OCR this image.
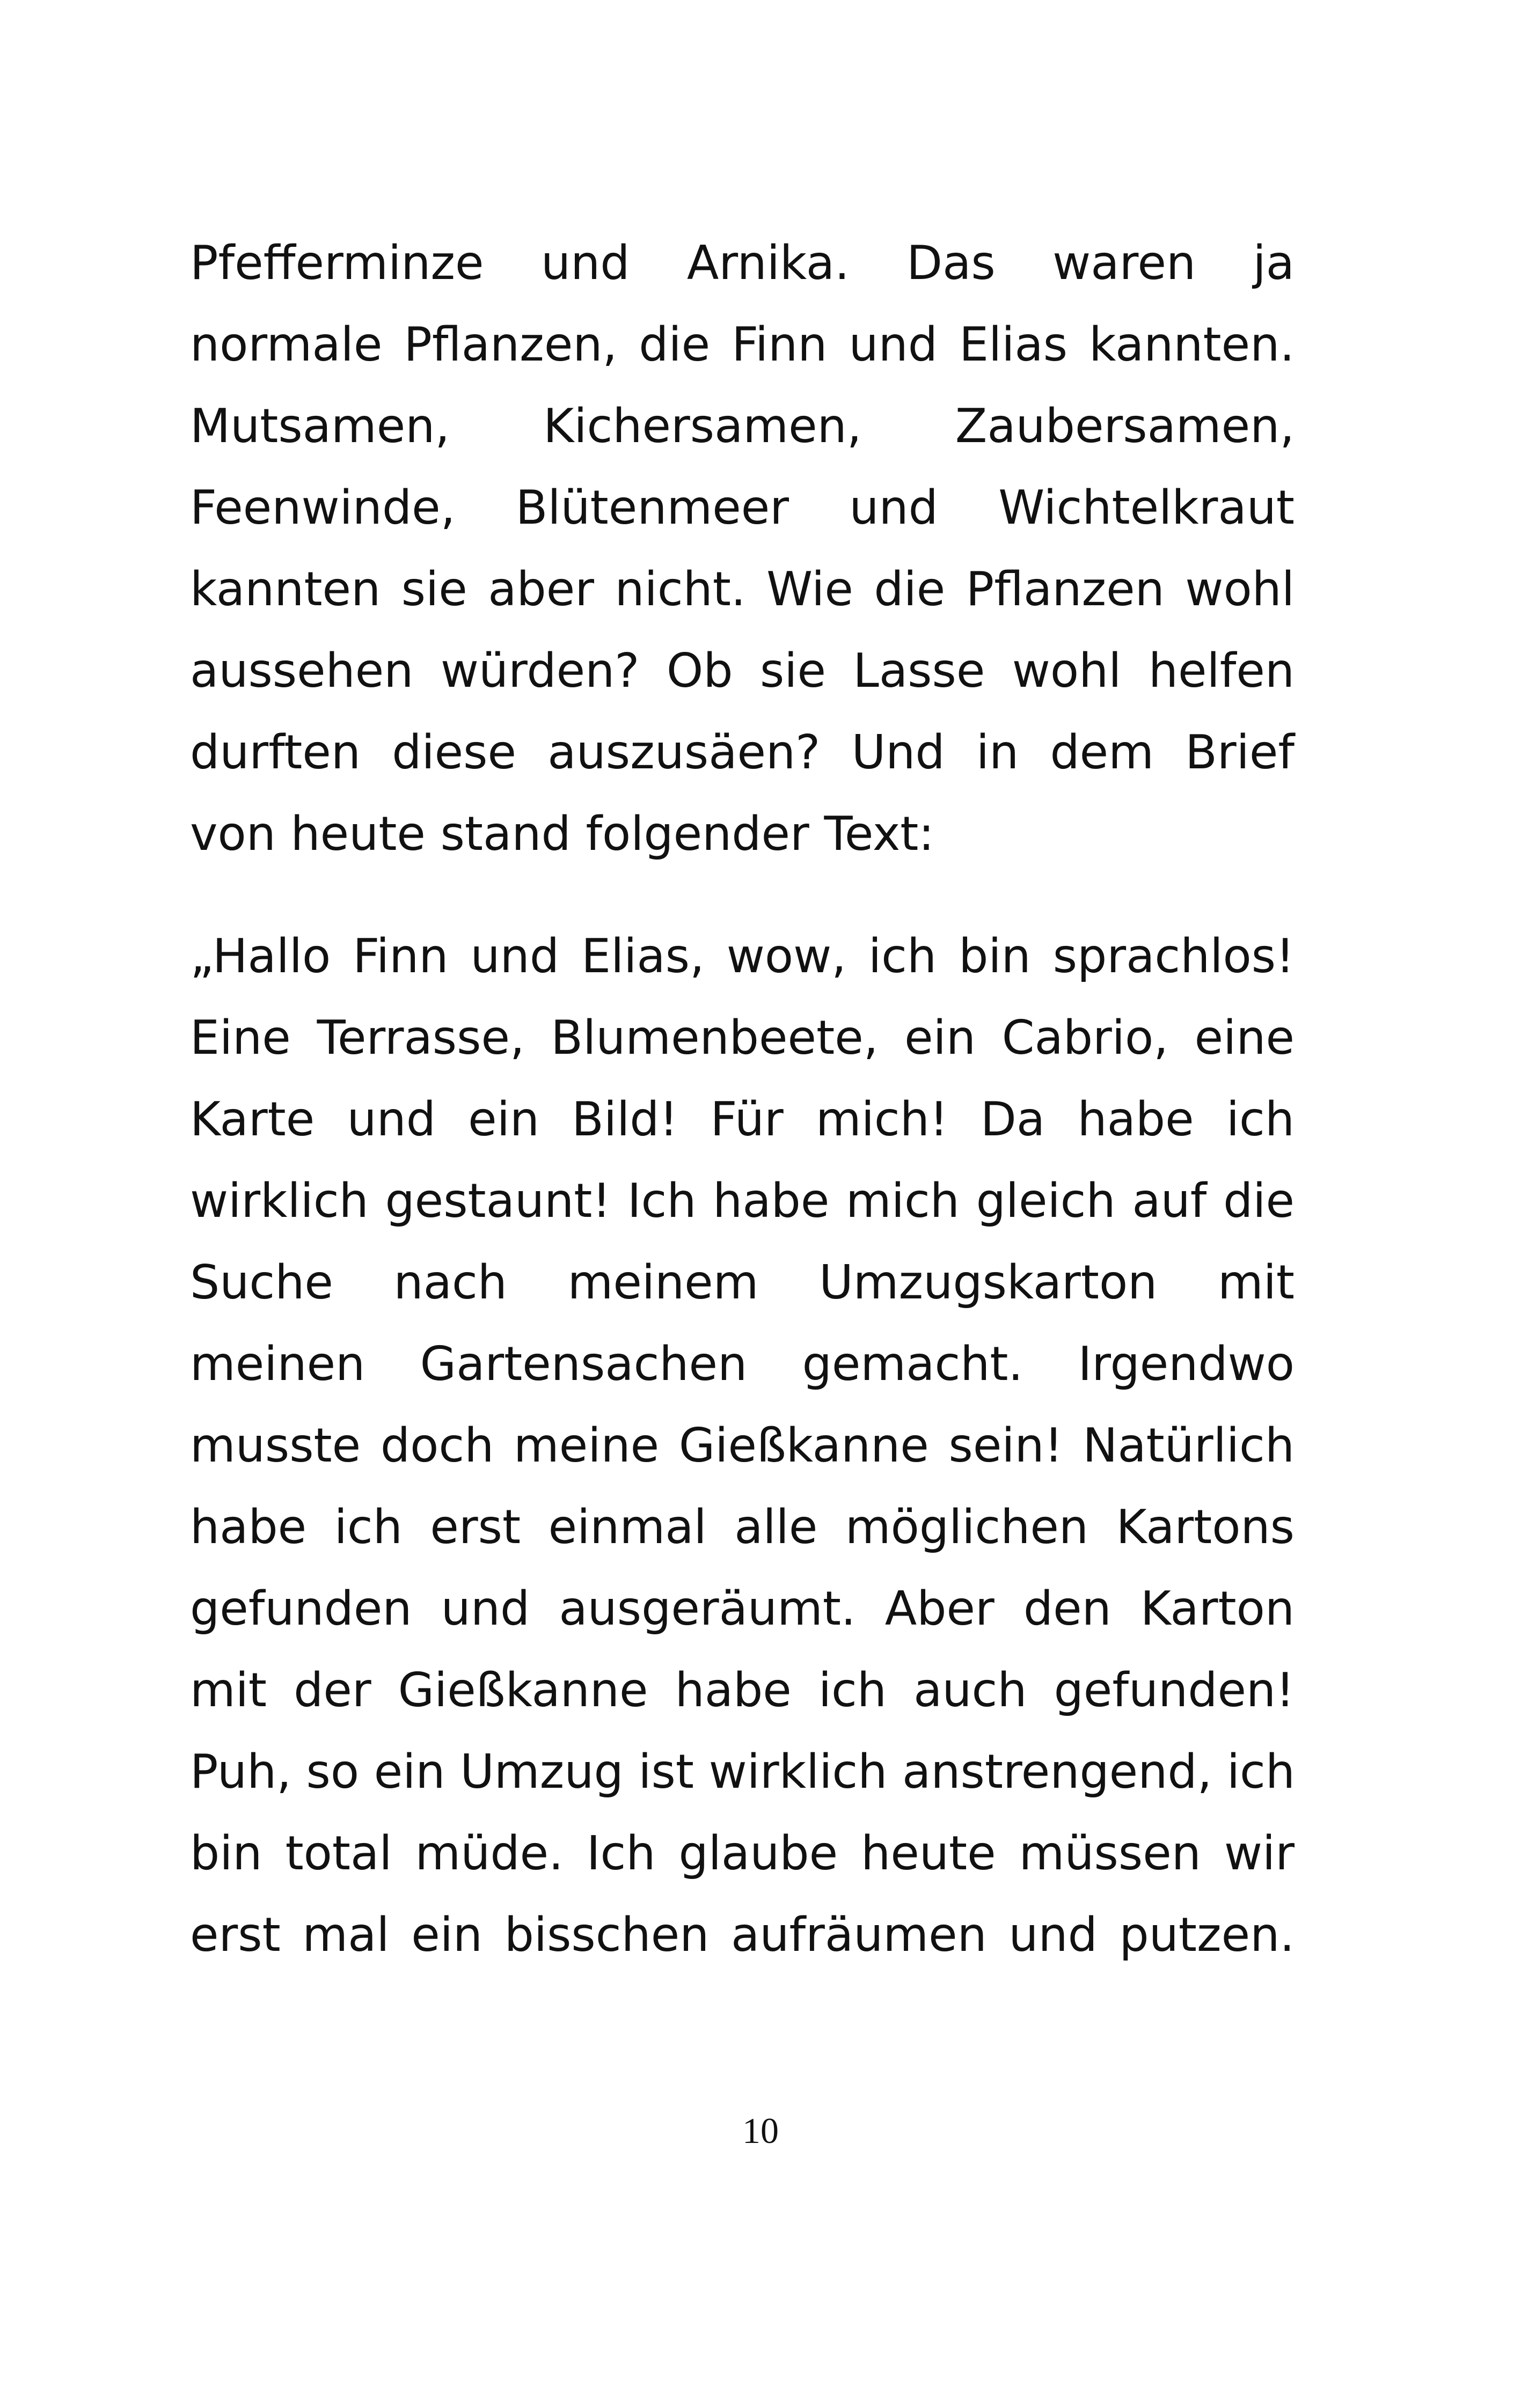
Pfefferminze und Arnika. Das waren ja
normale Pflanzen, die Finn und Elias kannten.
Mutsamen, Kichersamen, Zaubersamen,
Feenwinde, Blütenmeer und Wichtelkraut
kannten sie aber nicht. Wie die Pflanzen wohl
aussehen würden? Ob sie Lasse wohl helfen
durften diese auszusäen? Und in dem Brief
von heute stand folgender Text:
„Hallo Finn und Elias, wow, ich bin sprachlos!
Eine Terrasse, Blumenbeete, ein Cabrio, eine
Karte und ein Bild! Für mich! Da habe ich
wirklich gestaunt! Ich habe mich gleich auf die
Suche nach meinem Umzugskarton mit
meinen Gartensachen gemacht. Irgendwo
musste doch meine Gießkanne sein! Natürlich
habe ich erst einmal alle möglichen Kartons
gefunden und ausgeräumt. Aber den Karton
mit der Gießkanne habe ich auch gefunden!
Puh, so ein Umzug ist wirklich anstrengend, ich
bin total müde. Ich glaube heute müssen wir
erst mal ein bisschen aufräumen und putzen.
10
